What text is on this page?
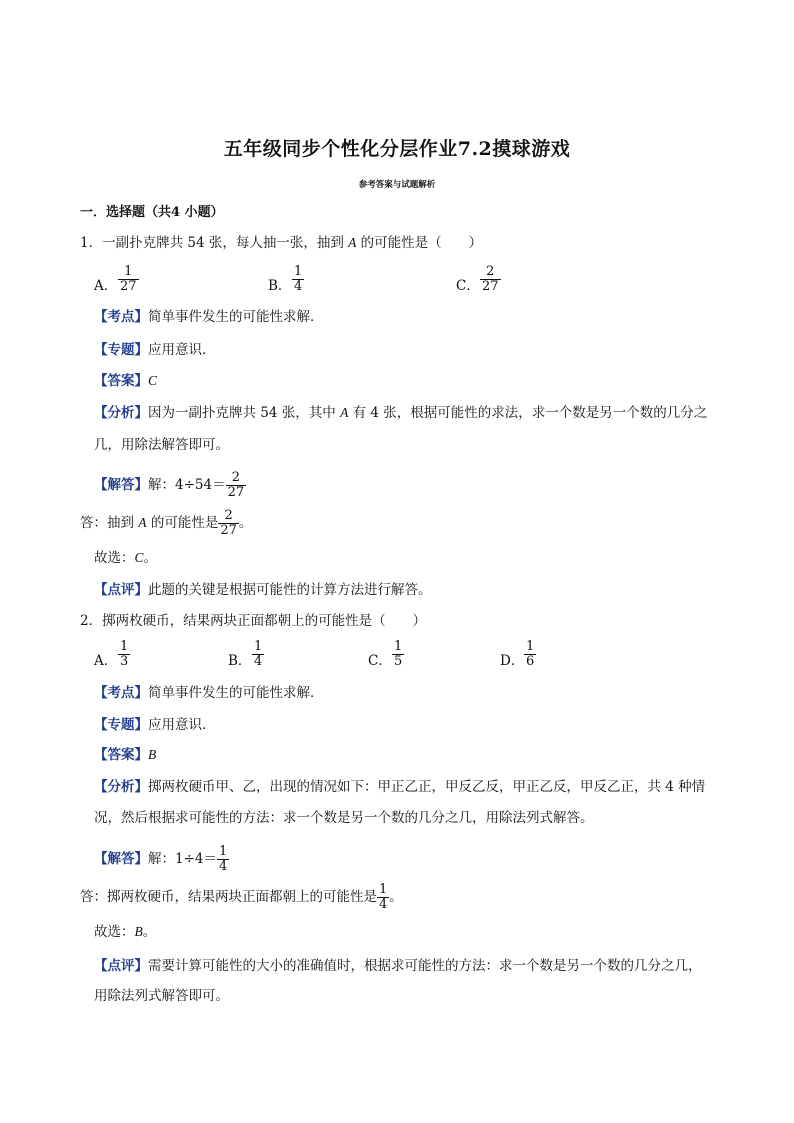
五年级同步个性化分层作业7.2摸球游戏
参考答案与试题解析
一．选择题（共4 小题）
1．一副扑克牌共 54 张，每人抽一张，抽到 A 的可能性是（　　）
A． $\frac{1}{27}$	B． $\frac{1}{4}$	C． $\frac{2}{27}$
【考点】简单事件发生的可能性求解．
【专题】应用意识．
【答案】C
【分析】因为一副扑克牌共 54 张，其中 A 有 4 张，根据可能性的求法，求一个数是另一个数的几分之
几，用除法解答即可。
【解答】解：$4\div 54= \frac{2}{27}$
答：抽到 A 的可能性是 $\frac{2}{27}$ 。
故选：C。
【点评】此题的关键是根据可能性的计算方法进行解答。
2．掷两枚硬币，结果两块正面都朝上的可能性是（　　）
A． $\frac{1}{3}$	B． $\frac{1}{4}$	C． $\frac{1}{5}$	D． $\frac{1}{6}$
【考点】简单事件发生的可能性求解．
【专题】应用意识．
【答案】B
【分析】掷两枚硬币甲、乙，出现的情况如下：甲正乙正，甲反乙反，甲正乙反，甲反乙正，共 4 种情
况，然后根据求可能性的方法：求一个数是另一个数的几分之几，用除法列式解答。
【解答】解：$1\div 4= \frac{1}{4}$
答：掷两枚硬币，结果两块正面都朝上的可能性是 $\frac{1}{4}$ 。
故选：B。
【点评】需要计算可能性的大小的准确值时，根据求可能性的方法：求一个数是另一个数的几分之几，
用除法列式解答即可。
